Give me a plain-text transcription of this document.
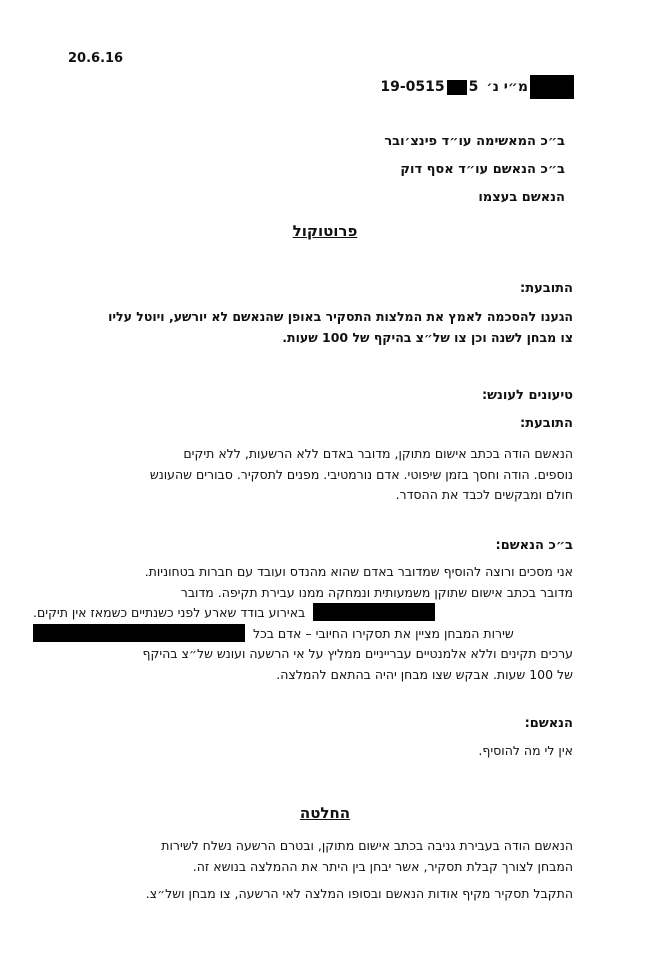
20.6.16
19-0515 5 מ״י נ׳
ב״כ המאשימה עו״ד פינצ׳ובר
ב״כ הנאשם עו״ד אסף דוק
הנאשם בעצמו
פרוטוקול
התובעת:
הגענו להסכמה לאמץ את המלצות התסקיר באופן שהנאשם לא יורשע, ויוטל עליו
צו מבחן לשנה וכן צו של״צ בהיקף של 100 שעות.
טיעונים לעונש:
התובעת:
הנאשם הודה בכתב אישום מתוקן, מדובר באדם ללא הרשעות, ללא תיקים
נוספים. הודה וחסך בזמן שיפוטי. אדם נורמטיבי. מפנים לתסקיר. סבורים שהעונש
חולם ומבקשים לכבד את ההסדר.
ב״כ הנאשם:
אני מסכים ורוצה להוסיף שמדובר באדם שהוא מהנדס ועובד עם חברות בטחוניות.
מדובר בכתב אישום שתוקן משמעותית ונמחקה ממנו עבירת תקיפה. מדובר
באירוע בודד שארע לפני כשנתיים כשמאז אין תיקים.
שירות המבחן מציין את תסקירו החיובי – אדם בכל
ערכים תקינים וללא אלמנטיים עברייניים ממליץ על אי הרשעה ועונש של״צ בהיקף
של 100 שעות. אבקש שצו מבחן יהיה בהתאם להמלצה.
הנאשם:
אין לי מה להוסיף.
החלטה
הנאשם הודה בעבירת גניבה בכתב אישום מתוקן, ובטרם הרשעה נשלח לשירות
המבחן לצורך קבלת תסקיר, אשר יבחן בין היתר את ההמלצה בנושא זה.
התקבל תסקיר מקיף אודות הנאשם ובסופו המלצה לאי הרשעה, צו מבחן ושל״צ.
